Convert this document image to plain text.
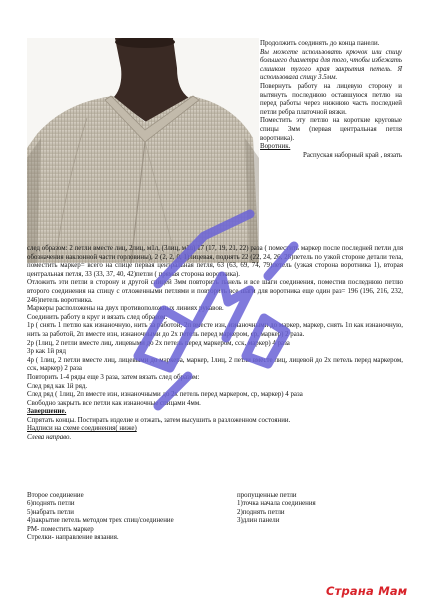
Продолжить соединять до конца панели.

Вы можете использовать крючок или спицу большего диаметра для того, чтобы избежать слишком тугого края закрытия петель. Я использовала спицу 3.5мм.

Повернуть работу на лицевую сторону и вытянуть последнюю оставшуюся петлю на перед работы через нижнюю часть последней петли ребра платочной вязки.

Поместить эту петлю на короткие круговые спицы 3мм (первая центральная петля воротника).

Воротник.

Распуская наборный край , вязать

след образом: 2 петли вместе лиц, 2лиц, м1л, (3лиц, м1л) 17 (17, 19, 21, 22) раза ( поместить маркер после последней петли для обозначения наклонной части горловины), 2 (2, 2, 0, 1)лицевая, поднять 22 (22, 24, 26, 28)петель по узкой стороне детали тела, поместить маркер= всего на спице первая центральная петля, 63 (63, 69, 74, 79)петель (узкая сторона воротника 1), вторая центральная петля, 33 (33, 37, 40, 42)петли ( прямая сторона воротника).

Отложить эти петли в сторону и другой спицей 3мм повторить панель и все шаги соединения, поместив последнюю петлю второго соединения на спицу с отложенными петлями и повторить все шаги для воротника еще один раз= 196 (196, 216, 232, 246)петель воротника.

Маркеры расположены на двух противоположных линиях рукавов.

Соединить работу в круг и вязать след образом:

1р ( снять 1 петлю как изнаночную, нить за работой, 2п вместе изн, изнаночными до маркер, маркер, снять 1п как изнаночную, нить за работой, 2п вместе изн, изнаночными до 2х петель перед маркером, ср, маркер) 2 раза.

2р (1лиц, 2 петли вместе лиц, лицевыми до 2х петель перед маркером, сск, маркер) 4 раза

3р как 1й ряд

4р ( 1лиц, 2 петли вместе лиц, лицевыми до маркера, маркер, 1лиц, 2 петли вместе лиц, лицевой до 2х петель перед маркером, сск, маркер) 2 раза

Повторить 1-4 ряды еще 3 раза, затем вязать след образом:

След ряд как 1й ряд.

След ряд ( 1лиц, 2п вместе изн, изнаночными до 2х петель перед маркером, ср, маркер) 4 раза

Свободно закрыть все петли как изнаночные спицами 4мм.

Завершение.

Спрятать концы. Постирать изделие и отжать, затем высушить в разложенном состоянии.

Надписи на схеме соединения( ниже)

Слева направо.

Второе соединение	пропущенные петли
6)поднять петли	1)точка начала соединения
5)набрать петли	2)поднять петли
4)закрытие петель методом трех спиц/соединение	3)длин панели
РМ- поместить маркер
Стрелки- направление вязания.
Страна Мам
